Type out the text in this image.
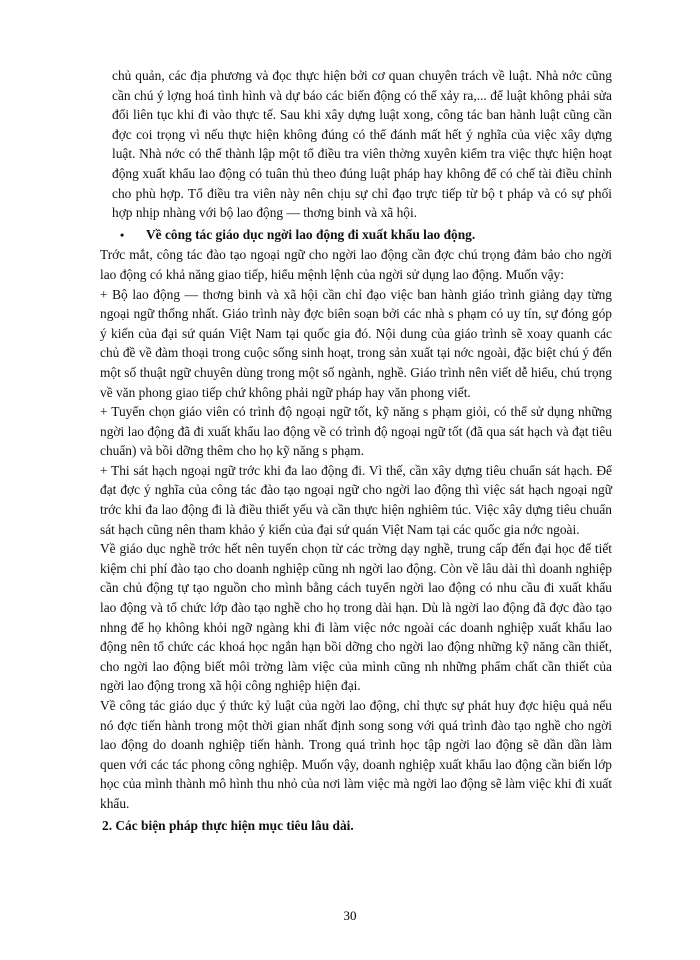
chủ quản, các địa phương và đọc thực hiện bởi cơ quan chuyên trách về luật. Nhà nớc cũng cần chú ý lợng hoá tình hình và dự báo các biến động có thể xảy ra,... để luật không phải sửa đổi liên tục khi đi vào thực tế. Sau khi xây dựng luật xong, công tác ban hành luật cũng cần đợc coi trọng vì nếu thực hiện không đúng có thể đánh mất hết ý nghĩa của việc xây dựng luật. Nhà nớc có thể thành lập một tổ điều tra viên thờng xuyên kiểm tra việc thực hiện hoạt động xuất khẩu lao động có tuân thủ theo đúng luật pháp hay không để có chế tài điều chỉnh cho phù hợp. Tổ điều tra viên này nên chịu sự chỉ đạo trực tiếp từ bộ t pháp và có sự phối hợp nhịp nhàng với bộ lao động — thơng binh và xã hội.

•	Về công tác giáo dục ngời lao động đi xuất khẩu lao động.

Trớc mắt, công tác đào tạo ngoại ngữ cho ngời lao động cần đợc chú trọng đảm bảo cho ngời lao động có khả năng giao tiếp, hiểu mệnh lệnh của ngời sử dụng lao động. Muốn vậy:

+ Bộ lao động — thơng binh và xã hội cần chỉ đạo việc ban hành giáo trình giảng dạy từng ngoại ngữ thống nhất. Giáo trình này đợc biên soạn bởi các nhà s phạm có uy tín, sự đóng góp ý kiến của đại sứ quán Việt Nam tại quốc gia đó. Nội dung của giáo trình sẽ xoay quanh các chủ đề về đàm thoại trong cuộc sống sinh hoạt, trong sản xuất tại nớc ngoài, đặc biệt chú ý đến một số thuật ngữ chuyên dùng trong một số ngành, nghề. Giáo trình nên viết dễ hiểu, chú trọng về văn phong giao tiếp chứ không phải ngữ pháp hay văn phong viết.

+ Tuyển chọn giáo viên có trình độ ngoại ngữ tốt, kỹ năng s phạm giỏi, có thể sử dụng những ngời lao động đã đi xuất khẩu lao động về có trình độ ngoại ngữ tốt (đã qua sát hạch và đạt tiêu chuẩn) và bồi dỡng thêm cho họ kỹ năng s phạm.

+ Thi sát hạch ngoại ngữ trớc khi đa lao động đi. Vì thế, cần xây dựng tiêu chuẩn sát hạch. Để đạt đợc ý nghĩa của công tác đào tạo ngoại ngữ cho ngời lao động thì việc sát hạch ngoại ngữ trớc khi đa lao động đi là điều thiết yếu và cần thực hiện nghiêm túc. Việc xây dựng tiêu chuẩn sát hạch cũng nên tham khảo ý kiến của đại sứ quán Việt Nam tại các quốc gia nớc ngoài.

Về giáo dục nghề trớc hết nên tuyển chọn từ các trờng dạy nghề, trung cấp đến đại học để tiết kiệm chi phí đào tạo cho doanh nghiệp cũng nh ngời lao động. Còn về lâu dài thì doanh nghiệp cần chủ động tự tạo nguồn cho mình bằng cách tuyển ngời lao động có nhu cầu đi xuất khẩu lao động và tổ chức lớp đào tạo nghề cho họ trong dài hạn. Dù là ngời lao động đã đợc đào tạo nhng để họ không khỏi ngỡ ngàng khi đi làm việc nớc ngoài các doanh nghiệp xuất khẩu lao động nên tổ chức các khoá học ngắn hạn bồi dỡng cho ngời lao động những kỹ năng cần thiết, cho ngời lao động biết môi trờng làm việc của mình cũng nh những phẩm chất cần thiết của ngời lao động trong xã hội công nghiệp hiện đại.

Về công tác giáo dục ý thức kỷ luật của ngời lao động, chỉ thực sự phát huy đợc hiệu quả nếu nó đợc tiến hành trong một thời gian nhất định song song với quá trình đào tạo nghề cho ngời lao động do doanh nghiệp tiến hành. Trong quá trình học tập ngời lao động sẽ dần dần làm quen với các tác phong công nghiệp. Muốn vậy, doanh nghiệp xuất khẩu lao động cần biến lớp học của mình thành mô hình thu nhỏ của nơi làm việc mà ngời lao động sẽ làm việc khi đi xuất khẩu.

2. Các biện pháp thực hiện mục tiêu lâu dài.
30
